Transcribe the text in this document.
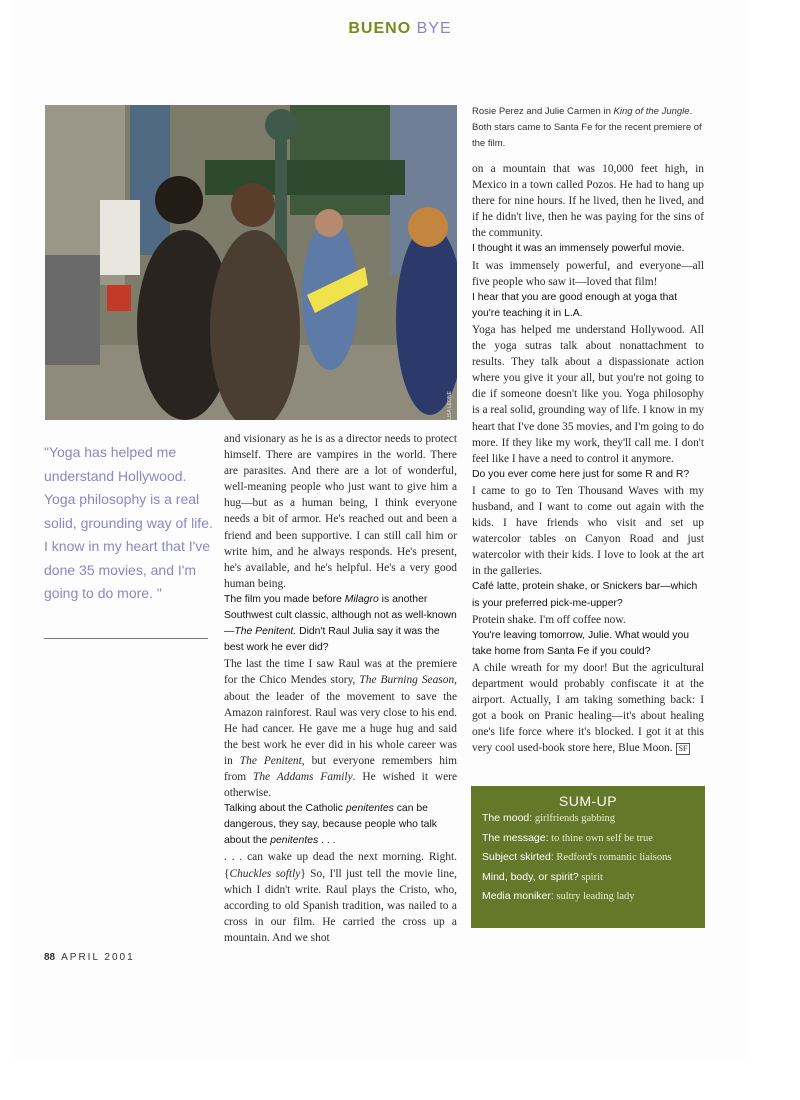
BUENO BYE
LISA LEONE
Rosie Perez and Julie Carmen in King of the Jungle. Both stars came to Santa Fe for the recent premiere of the film.
"Yoga has helped me understand Hollywood. Yoga philosophy is a real solid, grounding way of life. I know in my heart that I've done 35 movies, and I'm going to do more. "

and visionary as he is as a director needs to protect himself. There are vampires in the world. There are parasites. And there are a lot of wonderful, well-meaning people who just want to give him a hug—but as a human being, I think everyone needs a bit of armor. He's reached out and been a friend and been supportive. I can still call him or write him, and he always responds. He's present, he's available, and he's helpful. He's a very good human being.

The film you made before Milagro is another Southwest cult classic, although not as well-known—The Penitent. Didn't Raul Julia say it was the best work he ever did?

The last the time I saw Raul was at the premiere for the Chico Mendes story, The Burning Season, about the leader of the movement to save the Amazon rainforest. Raul was very close to his end. He had cancer. He gave me a huge hug and said the best work he ever did in his whole career was in The Penitent, but everyone remembers him from The Addams Family. He wished it were otherwise.

Talking about the Catholic penitentes can be dangerous, they say, because people who talk about the penitentes . . .

. . . can wake up dead the next morning. Right. {Chuckles softly} So, I'll just tell the movie line, which I didn't write. Raul plays the Cristo, who, according to old Spanish tradition, was nailed to a cross in our film. He carried the cross up a mountain. And we shot

on a mountain that was 10,000 feet high, in Mexico in a town called Pozos. He had to hang up there for nine hours. If he lived, then he lived, and if he didn't live, then he was paying for the sins of the community.

I thought it was an immensely powerful movie.

It was immensely powerful, and everyone—all five people who saw it—loved that film!

I hear that you are good enough at yoga that you're teaching it in L.A.

Yoga has helped me understand Hollywood. All the yoga sutras talk about nonattachment to results. They talk about a dispassionate action where you give it your all, but you're not going to die if someone doesn't like you. Yoga philosophy is a real solid, grounding way of life. I know in my heart that I've done 35 movies, and I'm going to do more. If they like my work, they'll call me. I don't feel like I have a need to control it anymore.

Do you ever come here just for some R and R?

I came to go to Ten Thousand Waves with my husband, and I want to come out again with the kids. I have friends who visit and set up watercolor tables on Canyon Road and just watercolor with their kids. I love to look at the art in the galleries.

Café latte, protein shake, or Snickers bar—which is your preferred pick-me-upper?

Protein shake. I'm off coffee now.

You're leaving tomorrow, Julie. What would you take home from Santa Fe if you could?

A chile wreath for my door! But the agricultural department would probably confiscate it at the airport. Actually, I am taking something back: I got a book on Pranic healing—it's about healing one's life force where it's blocked. I got it at this very cool used-book store here, Blue Moon. SF

SUM-UP
The mood: girlfriends gabbing
The message: to thine own self be true
Subject skirted: Redford's romantic liaisons
Mind, body, or spirit? spirit
Media moniker: sultry leading lady
88 APRIL 2001
